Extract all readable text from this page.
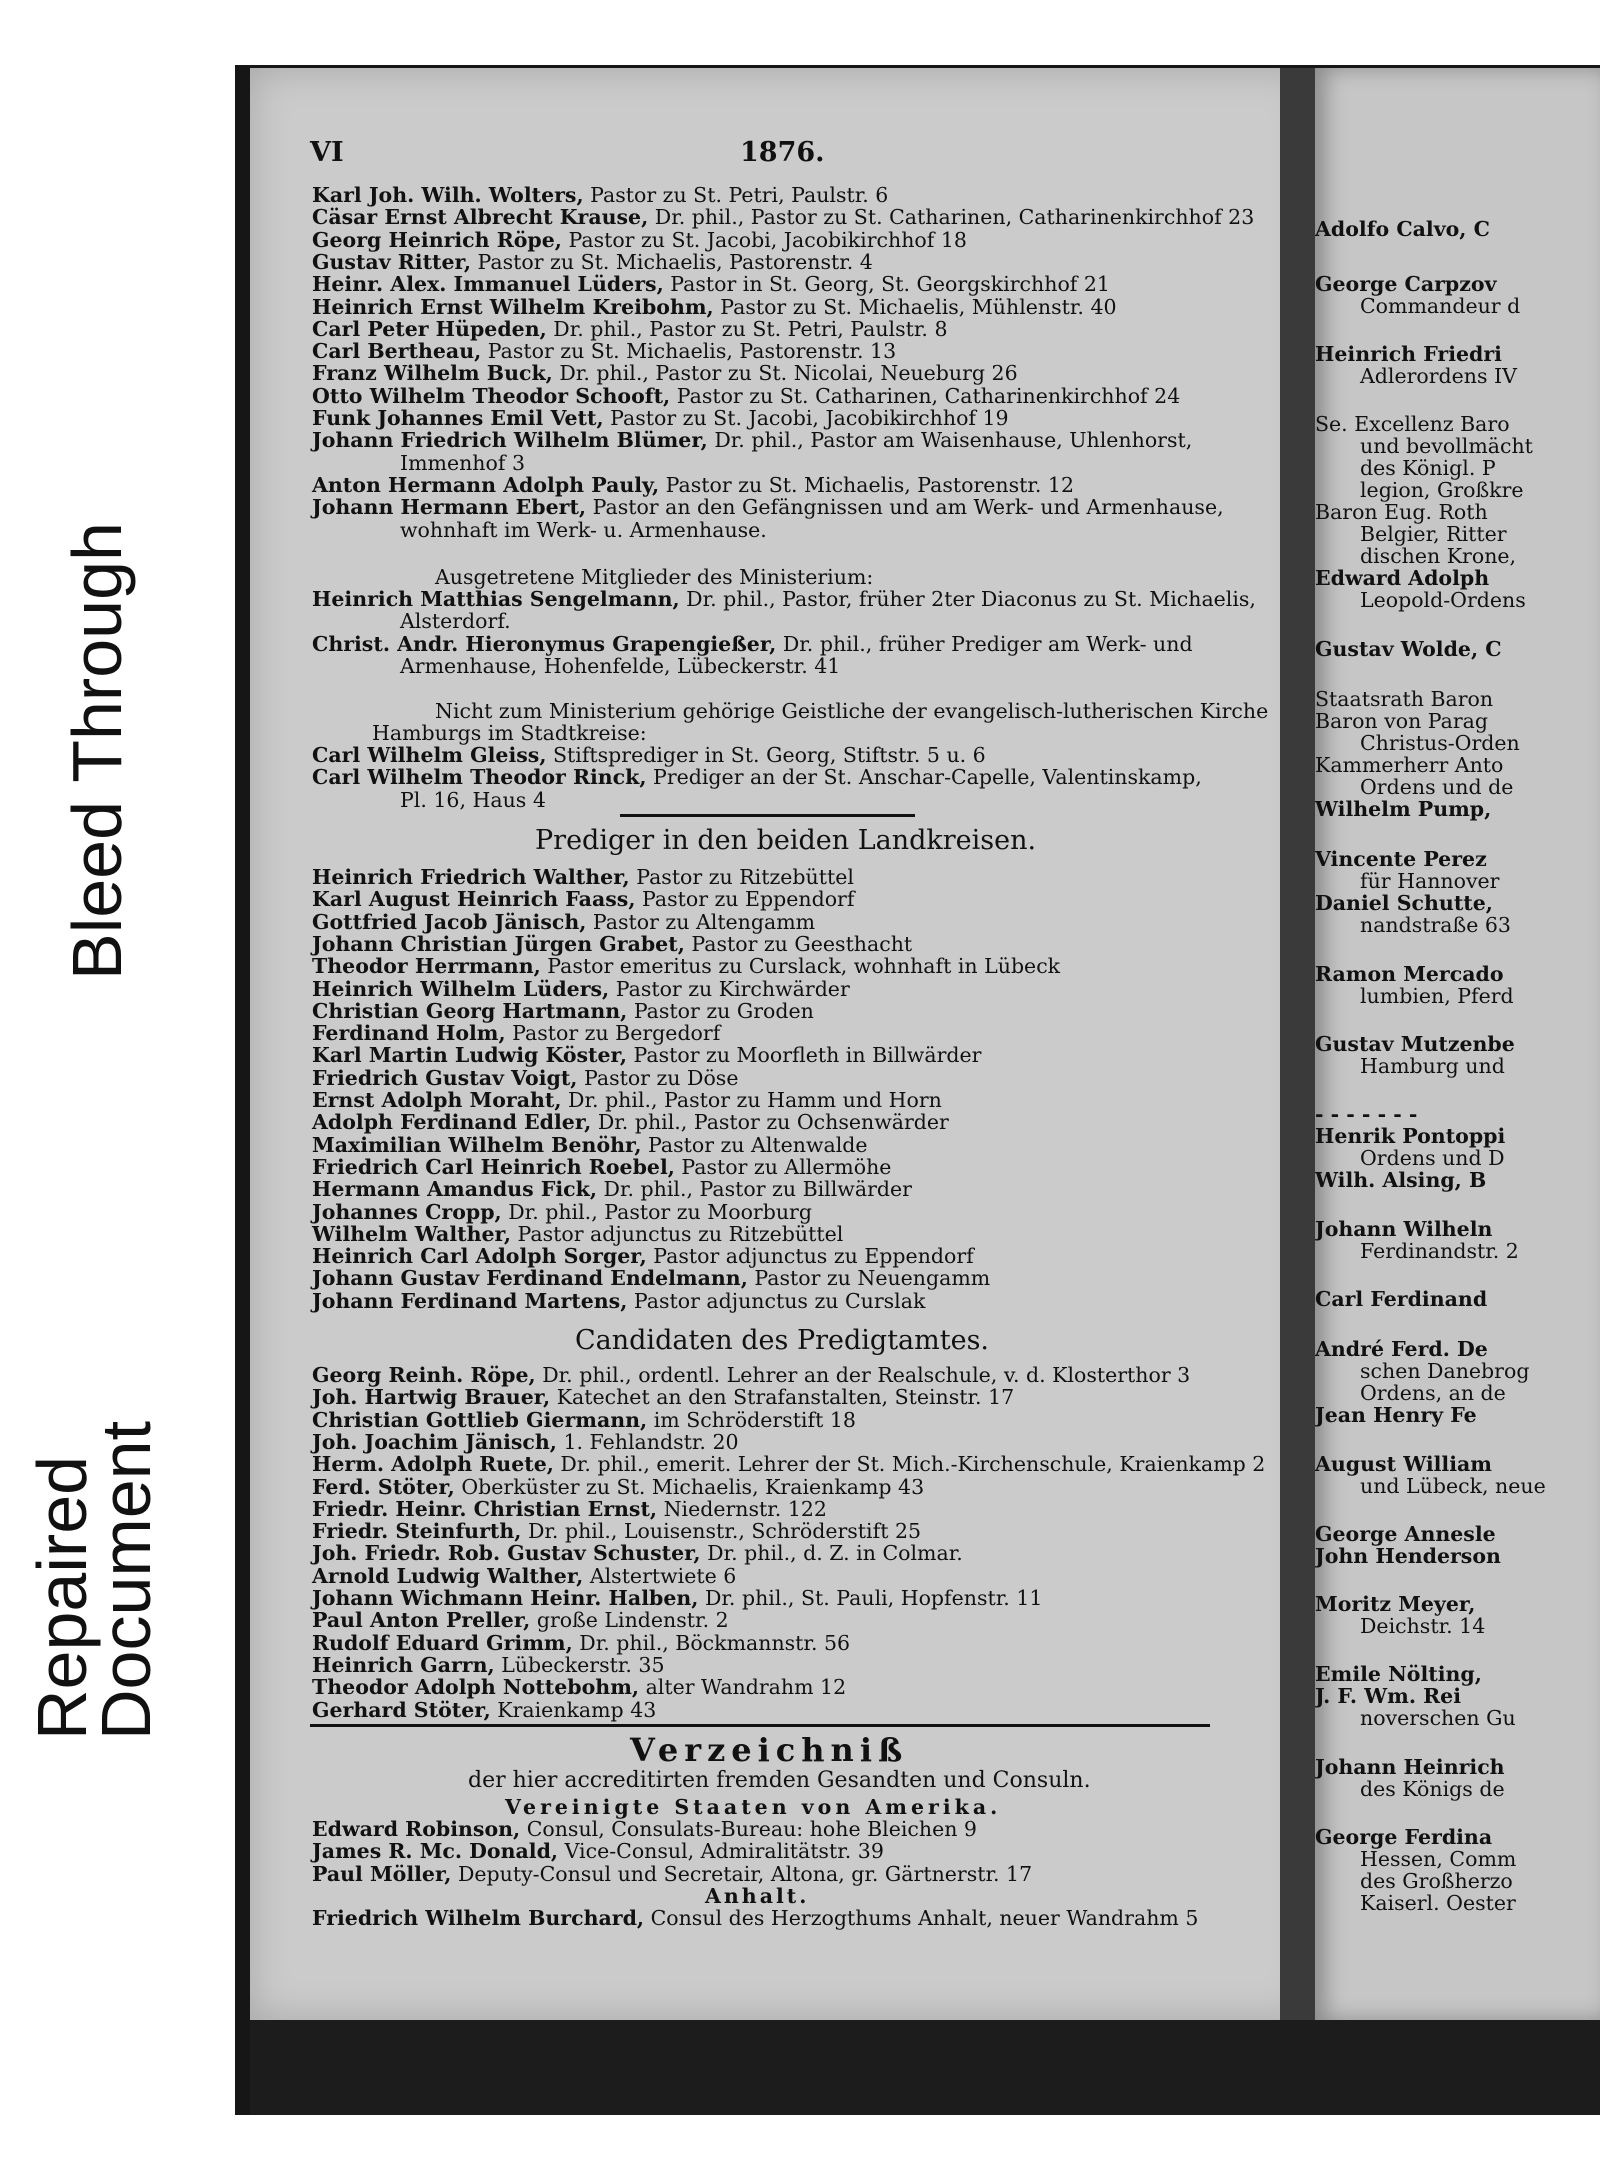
Bleed Through
Repaired
Document
Adolfo Calvo, C
George Carpzov
Commandeur d
Heinrich Friedri
Adlerordens IV
Se. Excellenz Baro
und bevollmächt
des Königl. P
legion, Großkre
Baron Eug. Roth
Belgier, Ritter
dischen Krone,
Edward Adolph
Leopold-Ordens
Gustav Wolde, C
Staatsrath Baron
Baron von Parag
Christus-Orden
Kammerherr Anto
Ordens und de
Wilhelm Pump,
Vincente Perez
für Hannover
Daniel Schutte,
nandstraße 63
Ramon Mercado
lumbien, Pferd
Gustav Mutzenbe
Hamburg und
- - - - - - -
Henrik Pontoppi
Ordens und D
Wilh. Alsing, B
Johann Wilheln
Ferdinandstr. 2
Carl Ferdinand
André Ferd. De
schen Danebrog
Ordens, an de
Jean Henry Fe
August William
und Lübeck, neue
George Annesle
John Henderson
Moritz Meyer,
Deichstr. 14
Emile Nölting,
J. F. Wm. Rei
noverschen Gu
Johann Heinrich
des Königs de
George Ferdina
Hessen, Comm
des Großherzo
Kaiserl. Oester
VI	1876.
Karl Joh. Wilh. Wolters, Pastor zu St. Petri, Paulstr. 6
Cäsar Ernst Albrecht Krause, Dr. phil., Pastor zu St. Catharinen, Catharinenkirchhof 23
Georg Heinrich Röpe, Pastor zu St. Jacobi, Jacobikirchhof 18
Gustav Ritter, Pastor zu St. Michaelis, Pastorenstr. 4
Heinr. Alex. Immanuel Lüders, Pastor in St. Georg, St. Georgskirchhof 21
Heinrich Ernst Wilhelm Kreibohm, Pastor zu St. Michaelis, Mühlenstr. 40
Carl Peter Hüpeden, Dr. phil., Pastor zu St. Petri, Paulstr. 8
Carl Bertheau, Pastor zu St. Michaelis, Pastorenstr. 13
Franz Wilhelm Buck, Dr. phil., Pastor zu St. Nicolai, Neueburg 26
Otto Wilhelm Theodor Schooft, Pastor zu St. Catharinen, Catharinenkirchhof 24
Funk Johannes Emil Vett, Pastor zu St. Jacobi, Jacobikirchhof 19
Johann Friedrich Wilhelm Blümer, Dr. phil., Pastor am Waisenhause, Uhlenhorst,
Immenhof 3
Anton Hermann Adolph Pauly, Pastor zu St. Michaelis, Pastorenstr. 12
Johann Hermann Ebert, Pastor an den Gefängnissen und am Werk- und Armenhause,
wohnhaft im Werk- u. Armenhause.
Ausgetretene Mitglieder des Ministerium:
Heinrich Matthias Sengelmann, Dr. phil., Pastor, früher 2ter Diaconus zu St. Michaelis,
Alsterdorf.
Christ. Andr. Hieronymus Grapengießer, Dr. phil., früher Prediger am Werk- und
Armenhause, Hohenfelde, Lübeckerstr. 41
Nicht zum Ministerium gehörige Geistliche der evangelisch-lutherischen Kirche
Hamburgs im Stadtkreise:
Carl Wilhelm Gleiss, Stiftsprediger in St. Georg, Stiftstr. 5 u. 6
Carl Wilhelm Theodor Rinck, Prediger an der St. Anschar-Capelle, Valentinskamp,
Pl. 16, Haus 4
Prediger in den beiden Landkreisen.
Heinrich Friedrich Walther, Pastor zu Ritzebüttel
Karl August Heinrich Faass, Pastor zu Eppendorf
Gottfried Jacob Jänisch, Pastor zu Altengamm
Johann Christian Jürgen Grabet, Pastor zu Geesthacht
Theodor Herrmann, Pastor emeritus zu Curslack, wohnhaft in Lübeck
Heinrich Wilhelm Lüders, Pastor zu Kirchwärder
Christian Georg Hartmann, Pastor zu Groden
Ferdinand Holm, Pastor zu Bergedorf
Karl Martin Ludwig Köster, Pastor zu Moorfleth in Billwärder
Friedrich Gustav Voigt, Pastor zu Döse
Ernst Adolph Moraht, Dr. phil., Pastor zu Hamm und Horn
Adolph Ferdinand Edler, Dr. phil., Pastor zu Ochsenwärder
Maximilian Wilhelm Benöhr, Pastor zu Altenwalde
Friedrich Carl Heinrich Roebel, Pastor zu Allermöhe
Hermann Amandus Fick, Dr. phil., Pastor zu Billwärder
Johannes Cropp, Dr. phil., Pastor zu Moorburg
Wilhelm Walther, Pastor adjunctus zu Ritzebüttel
Heinrich Carl Adolph Sorger, Pastor adjunctus zu Eppendorf
Johann Gustav Ferdinand Endelmann, Pastor zu Neuengamm
Johann Ferdinand Martens, Pastor adjunctus zu Curslak
Candidaten des Predigtamtes.
Georg Reinh. Röpe, Dr. phil., ordentl. Lehrer an der Realschule, v. d. Klosterthor 3
Joh. Hartwig Brauer, Katechet an den Strafanstalten, Steinstr. 17
Christian Gottlieb Giermann, im Schröderstift 18
Joh. Joachim Jänisch, 1. Fehlandstr. 20
Herm. Adolph Ruete, Dr. phil., emerit. Lehrer der St. Mich.-Kirchenschule, Kraienkamp 2
Ferd. Stöter, Oberküster zu St. Michaelis, Kraienkamp 43
Friedr. Heinr. Christian Ernst, Niedernstr. 122
Friedr. Steinfurth, Dr. phil., Louisenstr., Schröderstift 25
Joh. Friedr. Rob. Gustav Schuster, Dr. phil., d. Z. in Colmar.
Arnold Ludwig Walther, Alstertwiete 6
Johann Wichmann Heinr. Halben, Dr. phil., St. Pauli, Hopfenstr. 11
Paul Anton Preller, große Lindenstr. 2
Rudolf Eduard Grimm, Dr. phil., Böckmannstr. 56
Heinrich Garrn, Lübeckerstr. 35
Theodor Adolph Nottebohm, alter Wandrahm 12
Gerhard Stöter, Kraienkamp 43
Verzeichniß
der hier accreditirten fremden Gesandten und Consuln.
Vereinigte Staaten von Amerika.
Edward Robinson, Consul, Consulats-Bureau: hohe Bleichen 9
James R. Mc. Donald, Vice-Consul, Admiralitätstr. 39
Paul Möller, Deputy-Consul und Secretair, Altona, gr. Gärtnerstr. 17
Anhalt.
Friedrich Wilhelm Burchard, Consul des Herzogthums Anhalt, neuer Wandrahm 5
